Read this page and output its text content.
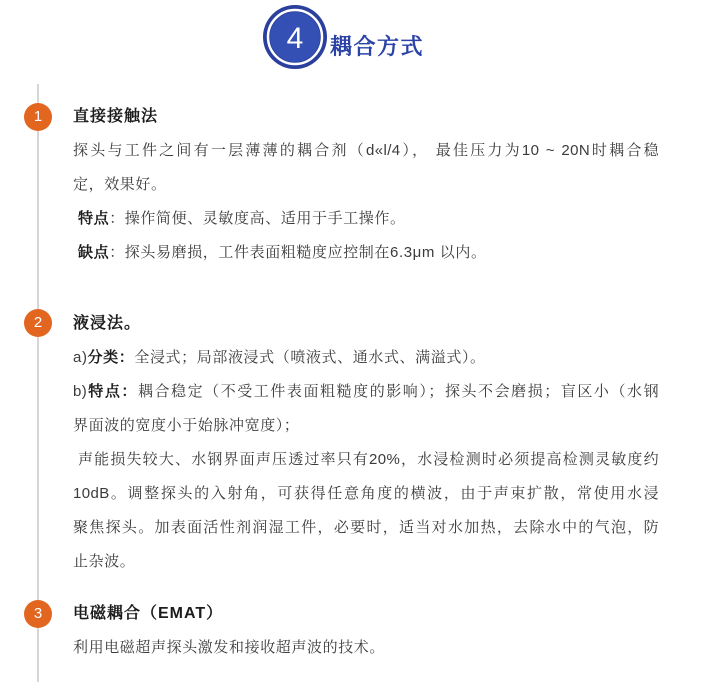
4 耦合方式
1
2
3
直接接触法
探头与工件之间有一层薄薄的耦合剂（d«l/4）， 最佳压力为10 ~ 20N时耦合稳
定，效果好。
特点：操作简便、灵敏度高、适用于手工操作。
缺点：探头易磨损，工件表面粗糙度应控制在6.3μm 以内。
液浸法。
a)分类：全浸式；局部液浸式（喷液式、通水式、满溢式）。
b)特点：耦合稳定（不受工件表面粗糙度的影响）；探头不会磨损；盲区小（水钢
界面波的宽度小于始脉冲宽度）；
声能损失较大、水钢界面声压透过率只有20%，水浸检测时必须提高检测灵敏度约
10dB。调整探头的入射角，可获得任意角度的横波，由于声束扩散，常使用水浸
聚焦探头。加表面活性剂润湿工件，必要时，适当对水加热，去除水中的气泡，防
止杂波。
电磁耦合（EMAT）
利用电磁超声探头激发和接收超声波的技术。
